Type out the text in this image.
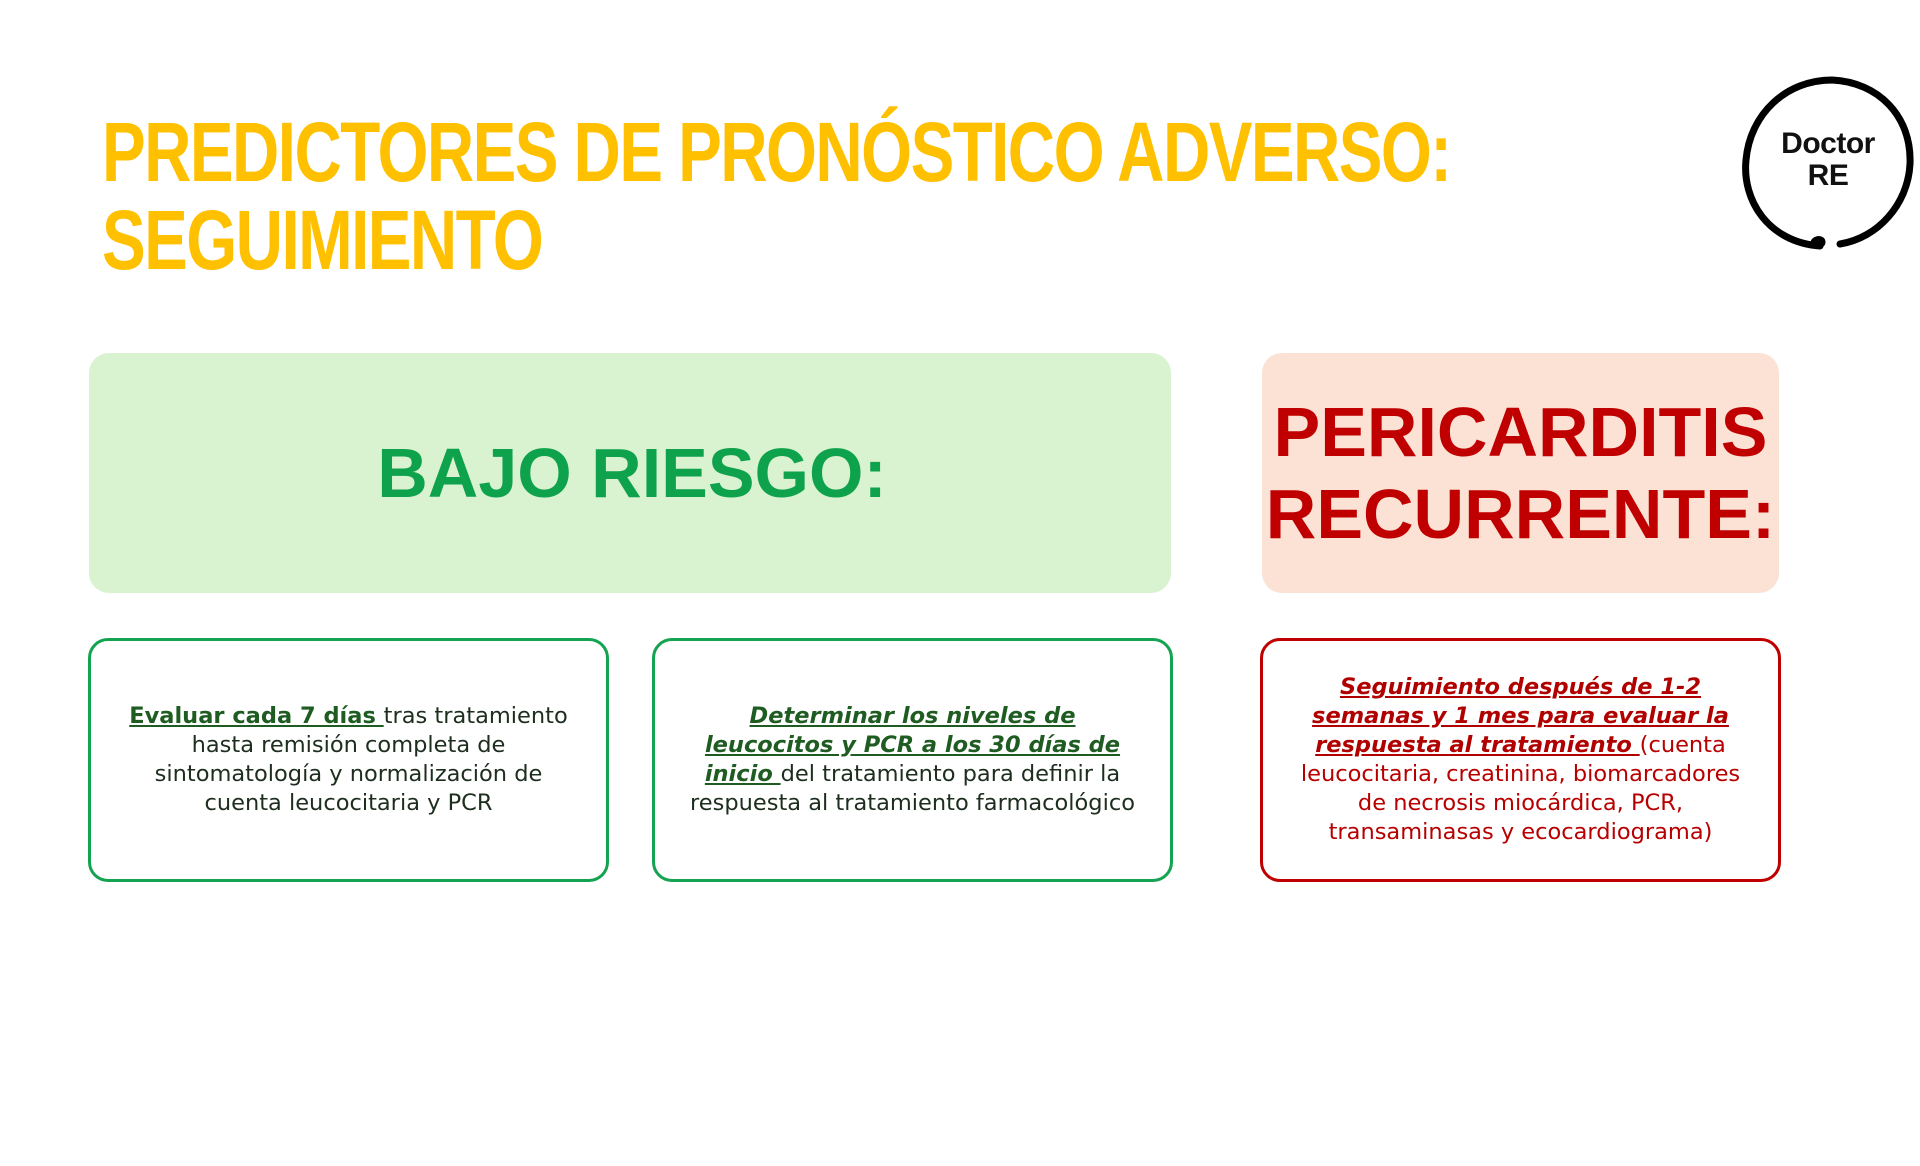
PREDICTORES DE PRONÓSTICO ADVERSO:
SEGUIMIENTO
Doctor
RE
BAJO RIESGO:
PERICARDITIS
RECURRENTE:

Evaluar cada 7 días tras tratamiento hasta remisión completa de sintomatología y normalización de cuenta leucocitaria y PCR

Determinar los niveles de leucocitos y PCR a los 30 días de inicio del tratamiento para definir la respuesta al tratamiento farmacológico

Seguimiento después de 1-2 semanas y 1 mes para evaluar la respuesta al tratamiento (cuenta leucocitaria, creatinina, biomarcadores de necrosis miocárdica, PCR, transaminasas y ecocardiograma)
